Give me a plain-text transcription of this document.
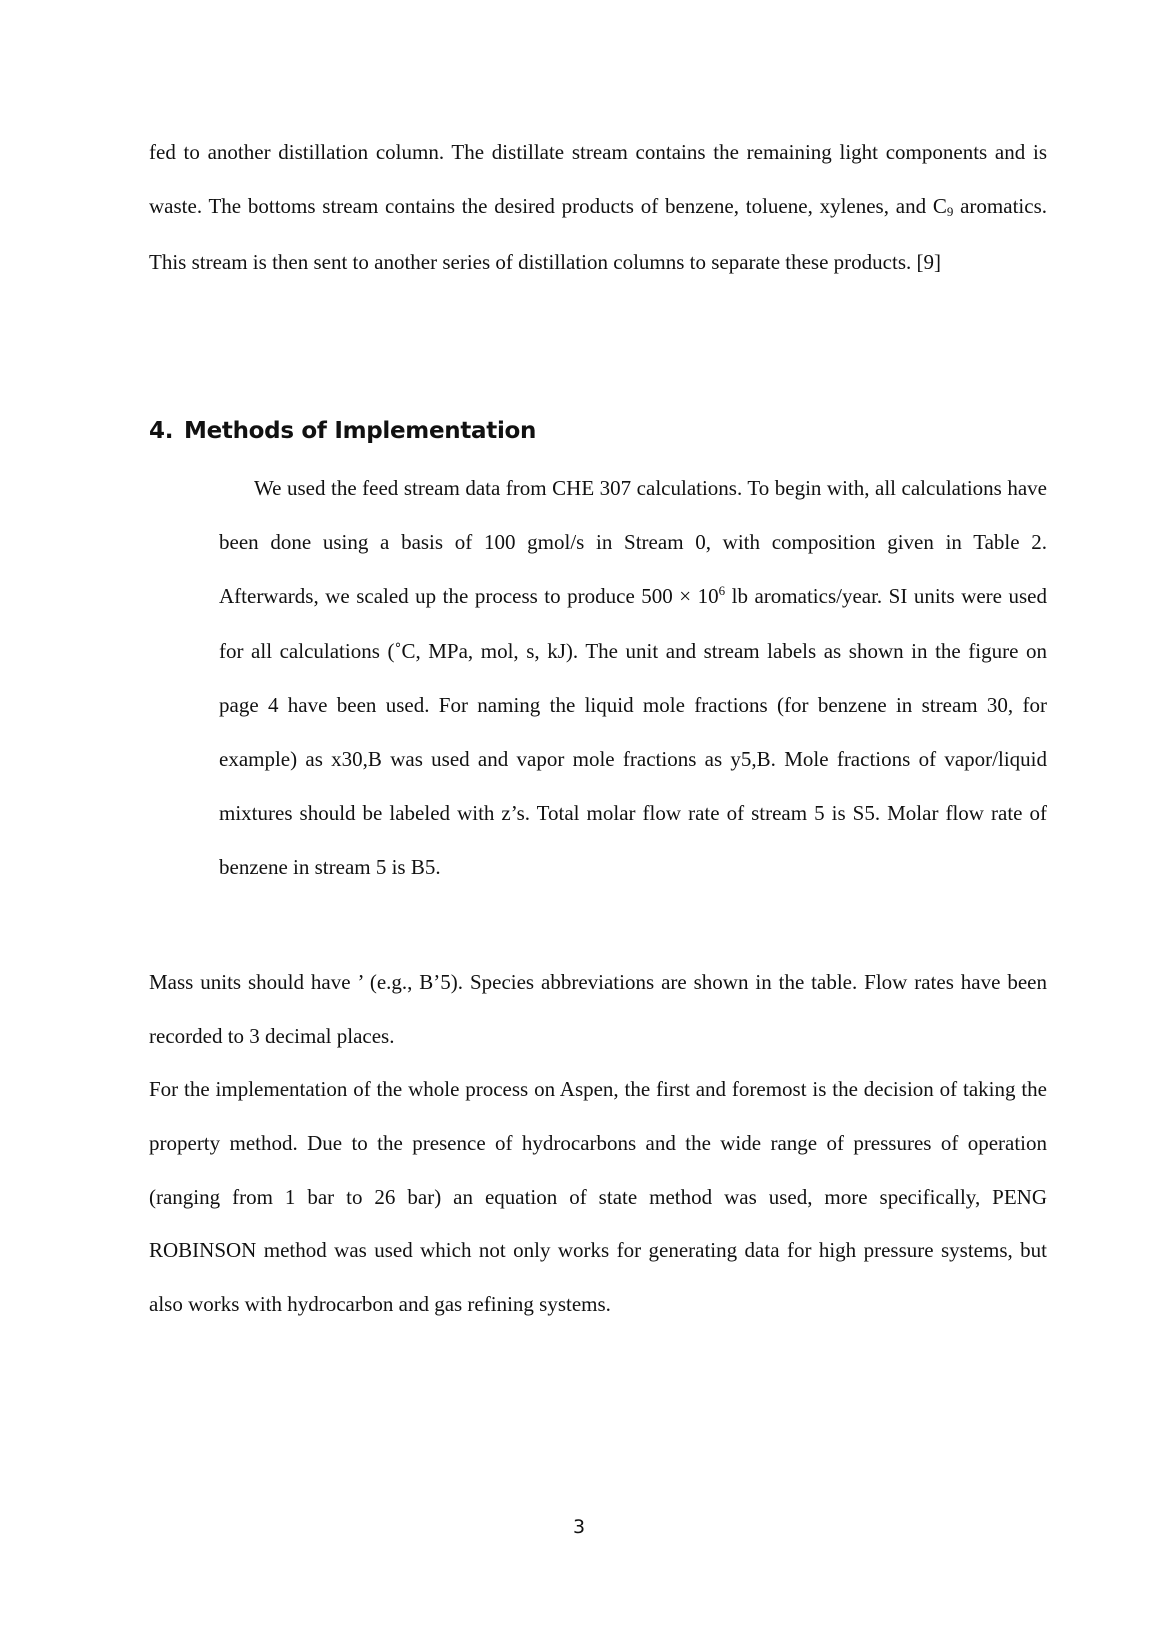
fed to another distillation column. The distillate stream contains the remaining light components and is waste. The bottoms stream contains the desired products of benzene, toluene, xylenes, and C9 aromatics. This stream is then sent to another series of distillation columns to separate these products. [9]

4. Methods of Implementation

We used the feed stream data from CHE 307 calculations. To begin with, all calculations have been done using a basis of 100 gmol/s in Stream 0, with composition given in Table 2. Afterwards, we scaled up the process to produce $500 \times 10^6$ lb aromatics/year. SI units were used for all calculations (˚C, MPa, mol, s, kJ). The unit and stream labels as shown in the figure on page 4 have been used. For naming the liquid mole fractions (for benzene in stream 30, for example) as x30,B was used and vapor mole fractions as y5,B. Mole fractions of vapor/liquid mixtures should be labeled with z’s. Total molar flow rate of stream 5 is S5. Molar flow rate of benzene in stream 5 is B5.

Mass units should have ’ (e.g., B’5). Species abbreviations are shown in the table. Flow rates have been recorded to 3 decimal places.

For the implementation of the whole process on Aspen, the first and foremost is the decision of taking the property method. Due to the presence of hydrocarbons and the wide range of pressures of operation (ranging from 1 bar to 26 bar) an equation of state method was used, more specifically, PENG ROBINSON method was used which not only works for generating data for high pressure systems, but also works with hydrocarbon and gas refining systems.

3
